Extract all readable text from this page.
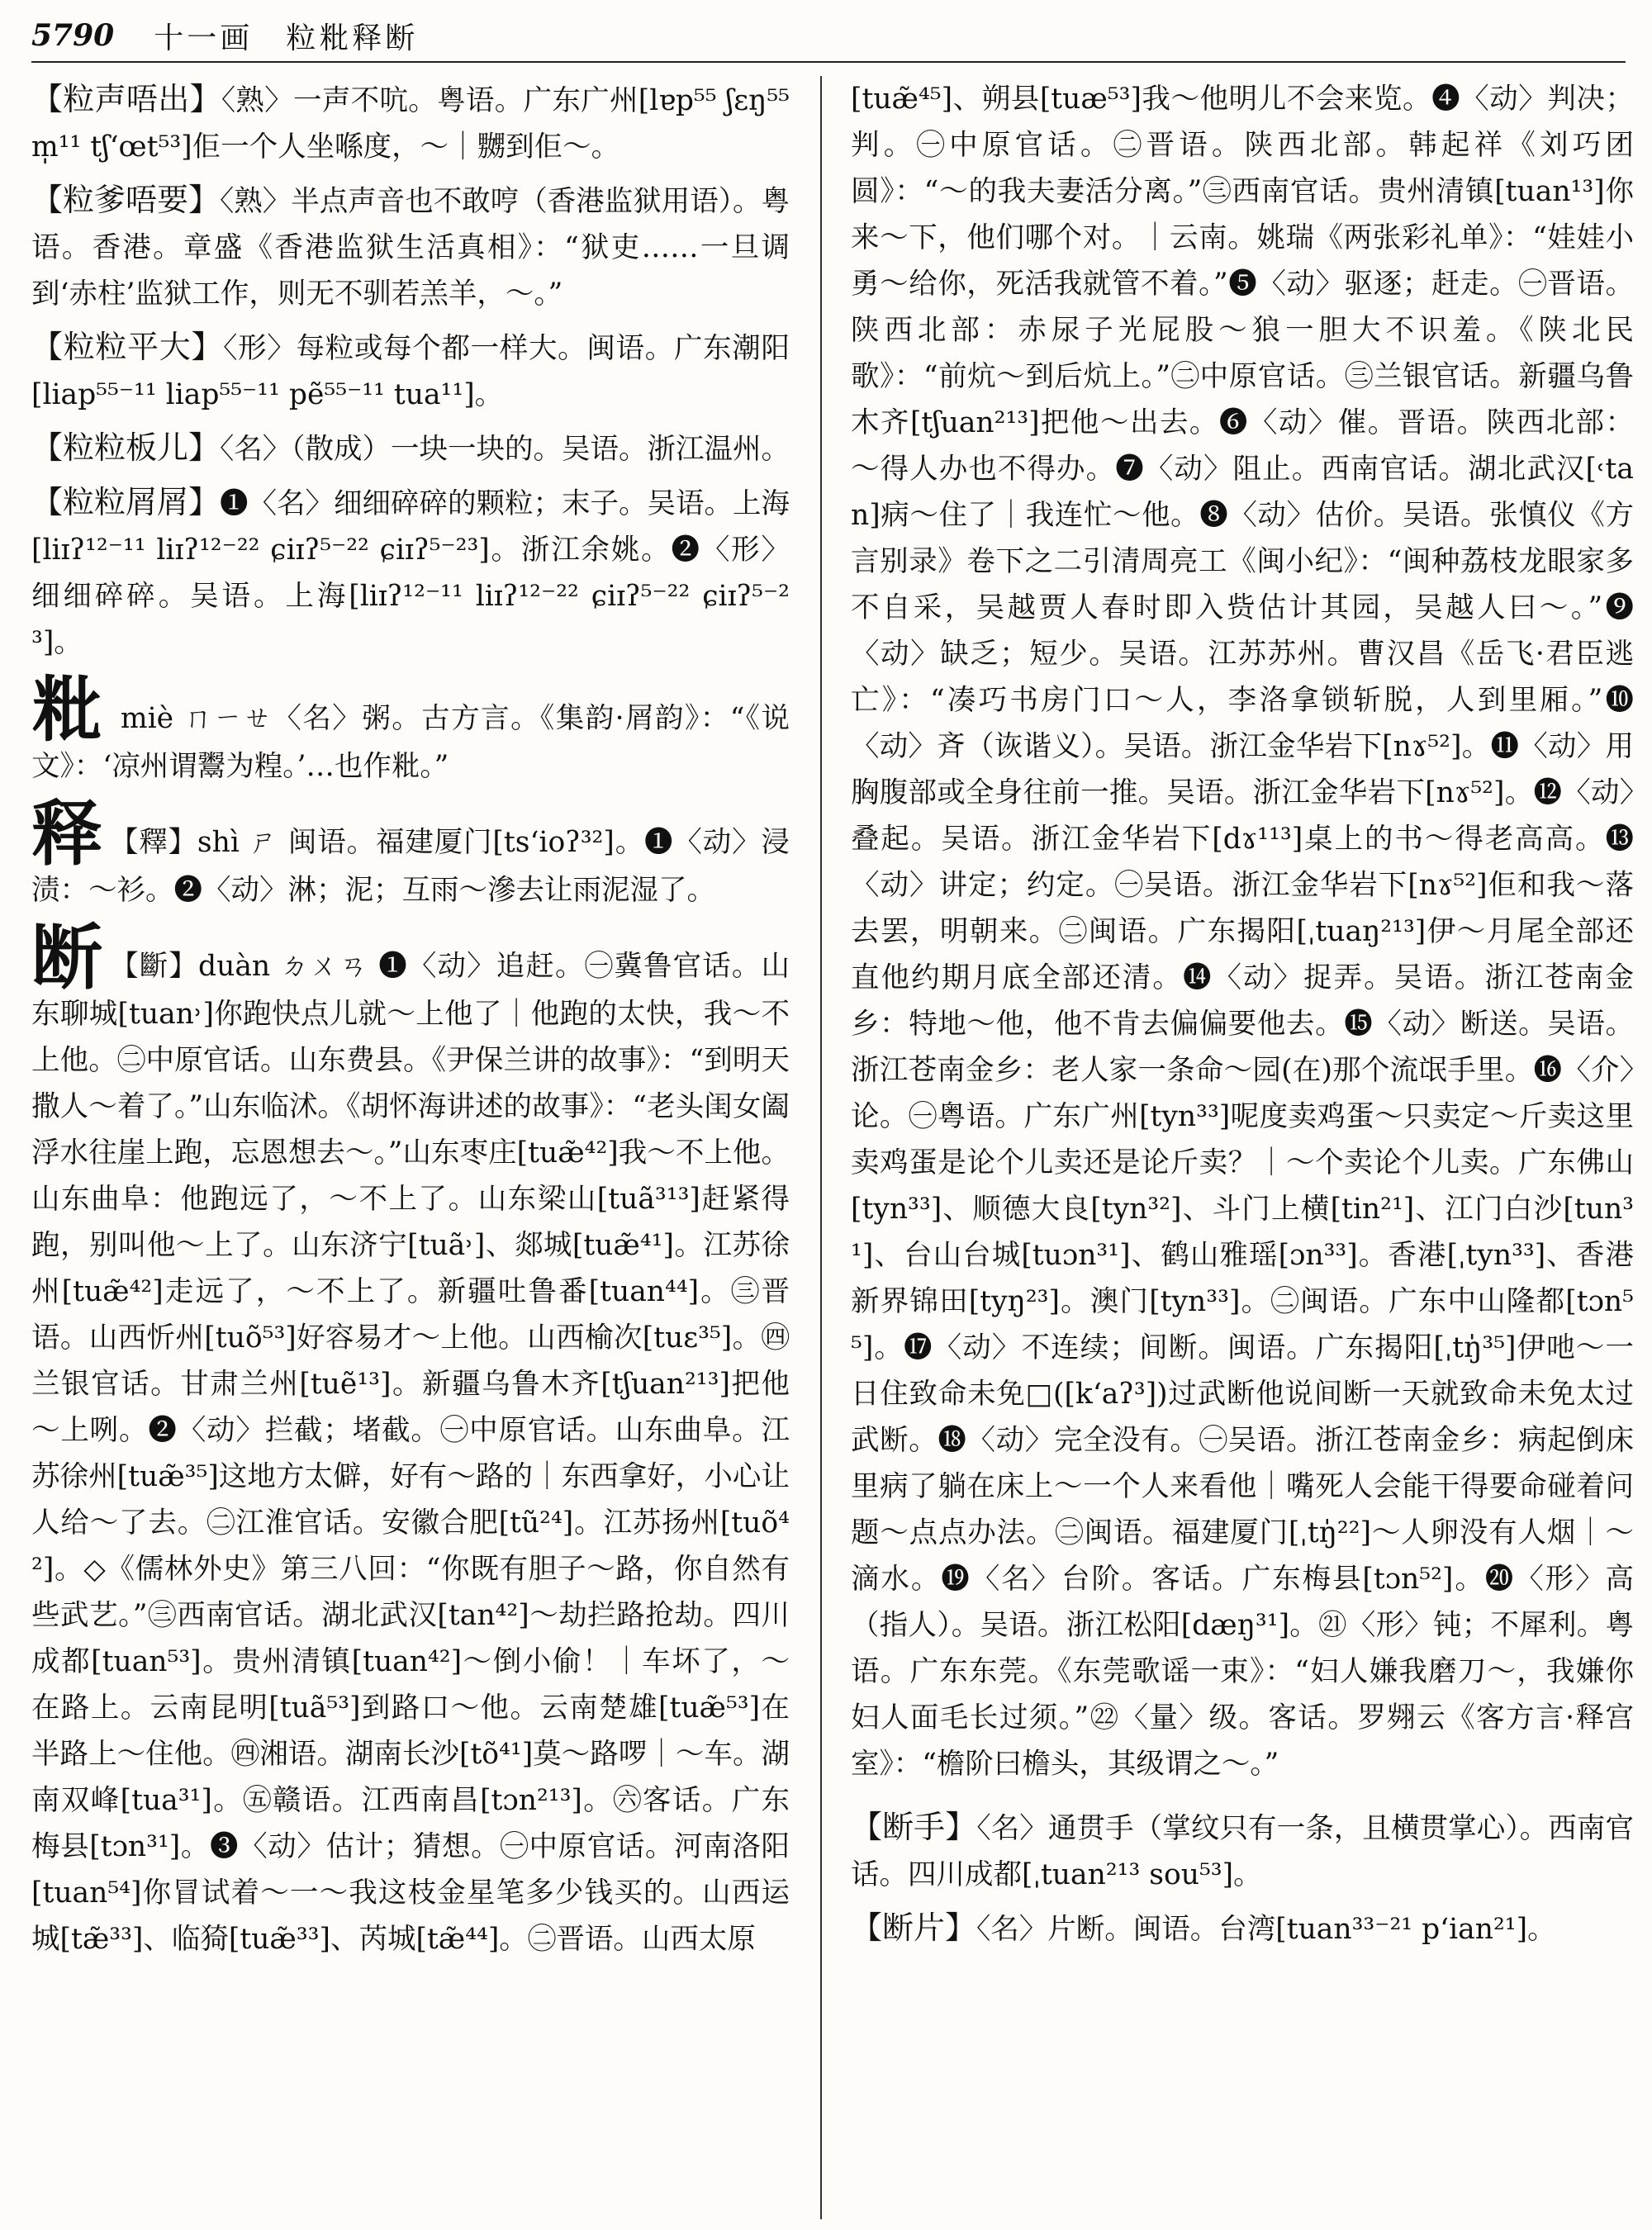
5790 十一画　粒粃释断

【粒声唔出】〈熟〉一声不吭。粤语。广东广州[lɐp⁵⁵ ʃɛŋ⁵⁵ m̩¹¹ tʃʻœt⁵³]佢一个人坐喺度，～｜嬲到佢～。

【粒爹唔要】〈熟〉半点声音也不敢哼（香港监狱用语）。粤语。香港。章盛《香港监狱生活真相》：“狱吏……一旦调到‘赤柱’监狱工作，则无不驯若羔羊，～。”

【粒粒平大】〈形〉每粒或每个都一样大。闽语。广东潮阳[liap⁵⁵⁻¹¹ liap⁵⁵⁻¹¹ pẽ⁵⁵⁻¹¹ tua¹¹]。

【粒粒板儿】〈名〉（散成）一块一块的。吴语。浙江温州。

【粒粒屑屑】❶〈名〉细细碎碎的颗粒；末子。吴语。上海[liɪʔ¹²⁻¹¹ liɪʔ¹²⁻²² ɕiɪʔ⁵⁻²² ɕiɪʔ⁵⁻²³]。浙江余姚。❷〈形〉细细碎碎。吴语。上海[liɪʔ¹²⁻¹¹ liɪʔ¹²⁻²² ɕiɪʔ⁵⁻²² ɕiɪʔ⁵⁻²³]。

粃 miè ㄇㄧㄝ〈名〉粥。古方言。《集韵·屑韵》：“《说文》：‘凉州谓鬻为䊗。’…也作粃。”

释 【釋】shì ㄕ 闽语。福建厦门[tsʻioʔ³²]。❶〈动〉浸渍：～衫。❷〈动〉淋；泥；互雨～滲去让雨泥湿了。

断 【斷】duàn ㄉㄨㄢ ❶〈动〉追赶。㊀冀鲁官话。山东聊城[tuan˒]你跑快点儿就～上他了｜他跑的太快，我～不上他。㊁中原官话。山东费县。《尹保兰讲的故事》：“到明天撒人～着了。”山东临沭。《胡怀海讲述的故事》：“老头闺女阖浮水往崖上跑，忘恩想去～。”山东枣庄[tuæ̃⁴²]我～不上他。山东曲阜：他跑远了，～不上了。山东梁山[tuã³¹³]赶紧得跑，别叫他～上了。山东济宁[tuã˒]、郯城[tuæ̃⁴¹]。江苏徐州[tuæ̃⁴²]走远了，～不上了。新疆吐鲁番[tuan⁴⁴]。㊂晋语。山西忻州[tuõ⁵³]好容易才～上他。山西榆次[tuɛ³⁵]。㊃兰银官话。甘肃兰州[tuẽ¹³]。新疆乌鲁木齐[tʃuan²¹³]把他～上咧。❷〈动〉拦截；堵截。㊀中原官话。山东曲阜。江苏徐州[tuæ̃³⁵]这地方太僻，好有～路的｜东西拿好，小心让人给～了去。㊁江淮官话。安徽合肥[tũ²⁴]。江苏扬州[tuõ⁴²]。◇《儒林外史》第三八回：“你既有胆子～路，你自然有些武艺。”㊂西南官话。湖北武汉[tan⁴²]～劫拦路抢劫。四川成都[tuan⁵³]。贵州清镇[tuan⁴²]～倒小偷！｜车坏了，～在路上。云南昆明[tuã⁵³]到路口～他。云南楚雄[tuæ̃⁵³]在半路上～住他。㊃湘语。湖南长沙[tõ⁴¹]莫～路啰｜～车。湖南双峰[tua³¹]。㊄赣语。江西南昌[tɔn²¹³]。㊅客话。广东梅县[tɔn³¹]。❸〈动〉估计；猜想。㊀中原官话。河南洛阳[tuan⁵⁴]你冒试着～一～我这枝金星笔多少钱买的。山西运城[tæ̃³³]、临猗[tuæ̃³³]、芮城[tæ̃⁴⁴]。㊁晋语。山西太原

[tuæ̃⁴⁵]、朔县[tuæ⁵³]我～他明儿不会来览。❹〈动〉判决；判。㊀中原官话。㊁晋语。陕西北部。韩起祥《刘巧团圆》：“～的我夫妻活分离。”㊂西南官话。贵州清镇[tuan¹³]你来～下，他们哪个对。｜云南。姚瑞《两张彩礼单》：“娃娃小勇～给你，死活我就管不着。”❺〈动〉驱逐；赶走。㊀晋语。陕西北部：赤尿子光屁股～狼一胆大不识羞。《陕北民歌》：“前炕～到后炕上。”㊁中原官话。㊂兰银官话。新疆乌鲁木齐[tʃuan²¹³]把他～出去。❻〈动〉催。晋语。陕西北部：～得人办也不得办。❼〈动〉阻止。西南官话。湖北武汉[˓tan]病～住了｜我连忙～他。❽〈动〉估价。吴语。张慎仪《方言别录》卷下之二引清周亮工《闽小纪》：“闽种荔枝龙眼家多不自采，吴越贾人春时即入赀估计其园，吴越人曰～。”❾〈动〉缺乏；短少。吴语。江苏苏州。曹汉昌《岳飞·君臣逃亡》：“凑巧书房门口～人，李洛拿锁斩脱，人到里厢。”❿〈动〉斉（诙谐义）。吴语。浙江金华岩下[nɤ⁵²]。⓫〈动〉用胸腹部或全身往前一推。吴语。浙江金华岩下[nɤ⁵²]。⓬〈动〉叠起。吴语。浙江金华岩下[dɤ¹¹³]桌上的书～得老高高。⓭〈动〉讲定；约定。㊀吴语。浙江金华岩下[nɤ⁵²]佢和我～落去罢，明朝来。㊁闽语。广东揭阳[ˌtuaŋ²¹³]伊～月尾全部还直他约期月底全部还清。⓮〈动〉捉弄。吴语。浙江苍南金乡：特地～他，他不肯去偏偏要他去。⓯〈动〉断送。吴语。浙江苍南金乡：老人家一条命～园(在)那个流氓手里。⓰〈介〉论。㊀粤语。广东广州[tyn³³]呢度卖鸡蛋～只卖定～斤卖这里卖鸡蛋是论个儿卖还是论斤卖？｜～个卖论个儿卖。广东佛山[tyn³³]、顺德大良[tyn³²]、斗门上横[tin²¹]、江门白沙[tun³¹]、台山台城[tuɔn³¹]、鹤山雅瑶[ɔn³³]。香港[ˌtyn³³]、香港新界锦田[tyŋ²³]。澳门[tyn³³]。㊁闽语。广东中山隆都[tɔn⁵⁵]。⓱〈动〉不连续；间断。闽语。广东揭阳[ˌtŋ̍³⁵]伊吔～一日住致命未免□([kʻaʔ³])过武断他说间断一天就致命未免太过武断。⓲〈动〉完全没有。㊀吴语。浙江苍南金乡：病起倒床里病了躺在床上～一个人来看他｜嘴死人会能干得要命碰着问题～点点办法。㊁闽语。福建厦门[ˌtŋ̍²²]～人卵没有人烟｜～滴水。⓳〈名〉台阶。客话。广东梅县[tɔn⁵²]。⓴〈形〉高（指人）。吴语。浙江松阳[dæŋ³¹]。㉑〈形〉钝；不犀利。粤语。广东东莞。《东莞歌谣一束》：“妇人嫌我磨刀～，我嫌你妇人面毛长过须。”㉒〈量〉级。客话。罗翙云《客方言·释宫室》：“檐阶曰檐头，其级谓之～。”

【断手】〈名〉通贯手（掌纹只有一条，且横贯掌心）。西南官话。四川成都[ˌtuan²¹³ sou⁵³]。

【断片】〈名〉片断。闽语。台湾[tuan³³⁻²¹ pʻian²¹]。
